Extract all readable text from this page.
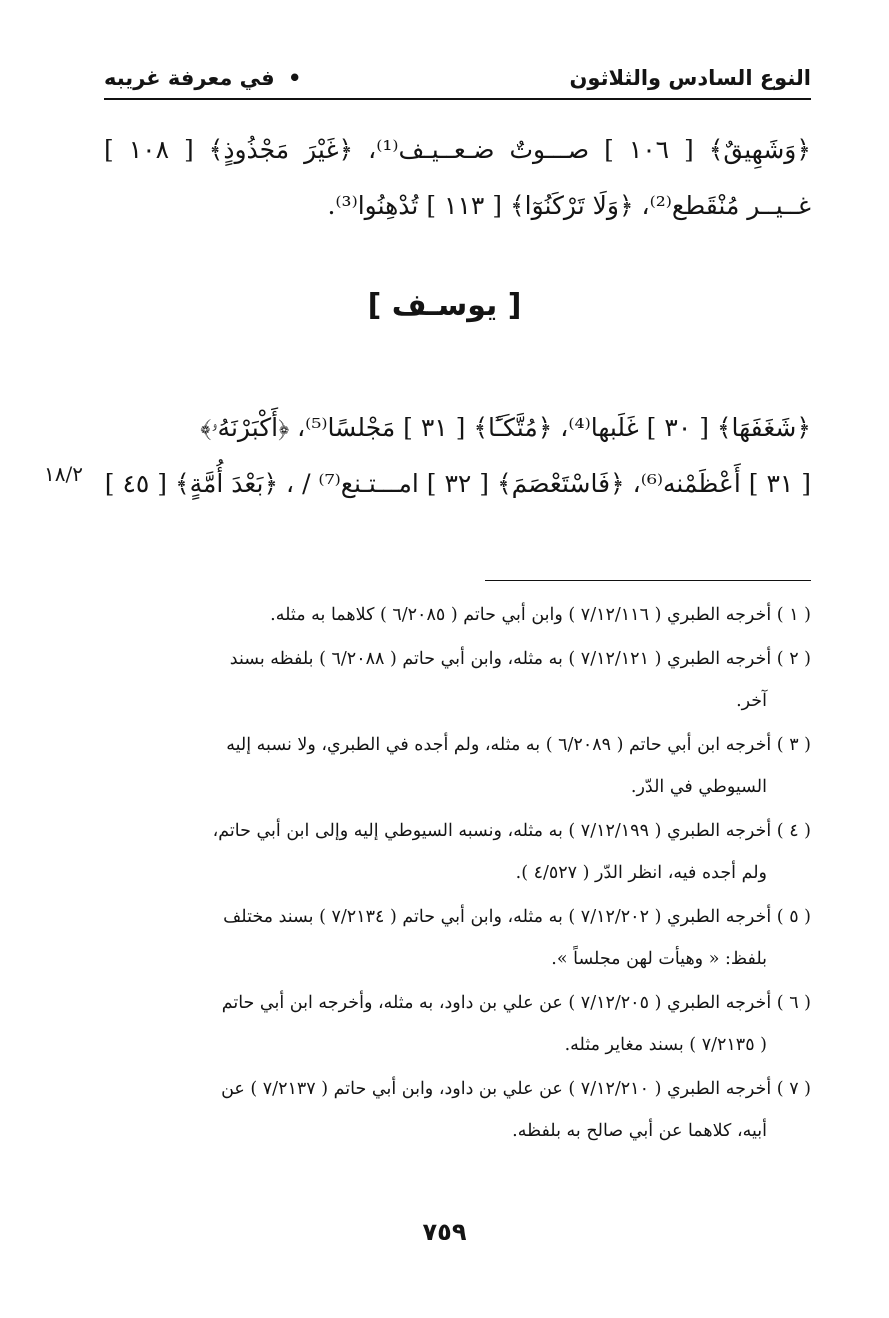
النوع السادس والثلاثون
• في معرفة غريبه
﴿وَشَهِيقٌ﴾ [ ١٠٦ ] صـــوتٌ ضـعــيـف⁽¹⁾، ﴿غَيْرَ مَجْذُوذٍ﴾ [ ١٠٨ ] غــيــر مُنْقَطع⁽²⁾، ﴿وَلَا تَرْكَنُوٓا﴾ [ ١١٣ ] تُدْهِنُوا⁽³⁾.
[ يوسـف ]
﴿شَغَفَهَا﴾ [ ٣٠ ] غَلَبها⁽⁴⁾، ﴿مُتَّكَـًٔا﴾ [ ٣١ ] مَجْلسًا⁽⁵⁾، ﴿أَكْبَرْنَهُۥ﴾
[ ٣١ ] أَعْظَمْنه⁽⁶⁾، ﴿فَاسْتَعْصَمَ﴾ [ ٣٢ ] امـــتـنع⁽⁷⁾ / ، ﴿بَعْدَ أُمَّةٍ﴾ [ ٤٥ ]
١٨/٢

( ١ ) أخرجه الطبري ( ٧/١٢/١١٦ ) وابن أبي حاتم ( ٦/٢٠٨٥ ) كلاهما به مثله.

( ٢ ) أخرجه الطبري ( ٧/١٢/١٢١ ) به مثله، وابن أبي حاتم ( ٦/٢٠٨٨ ) بلفظه بسند
آخر.

( ٣ ) أخرجه ابن أبي حاتم ( ٦/٢٠٨٩ ) به مثله، ولم أجده في الطبري، ولا نسبه إليه
السيوطي في الدّر.

( ٤ ) أخرجه الطبري ( ٧/١٢/١٩٩ ) به مثله، ونسبه السيوطي إليه وإلى ابن أبي حاتم،
ولم أجده فيه، انظر الدّر ( ٤/٥٢٧ ).

( ٥ ) أخرجه الطبري ( ٧/١٢/٢٠٢ ) به مثله، وابن أبي حاتم ( ٧/٢١٣٤ ) بسند مختلف
بلفظ: « وهيأت لهن مجلساً ».

( ٦ ) أخرجه الطبري ( ٧/١٢/٢٠٥ ) عن علي بن داود، به مثله، وأخرجه ابن أبي حاتم
( ٧/٢١٣٥ ) بسند مغاير مثله.

( ٧ ) أخرجه الطبري ( ٧/١٢/٢١٠ ) عن علي بن داود، وابن أبي حاتم ( ٧/٢١٣٧ ) عن
أبيه، كلاهما عن أبي صالح به بلفظه.

٧٥٩
